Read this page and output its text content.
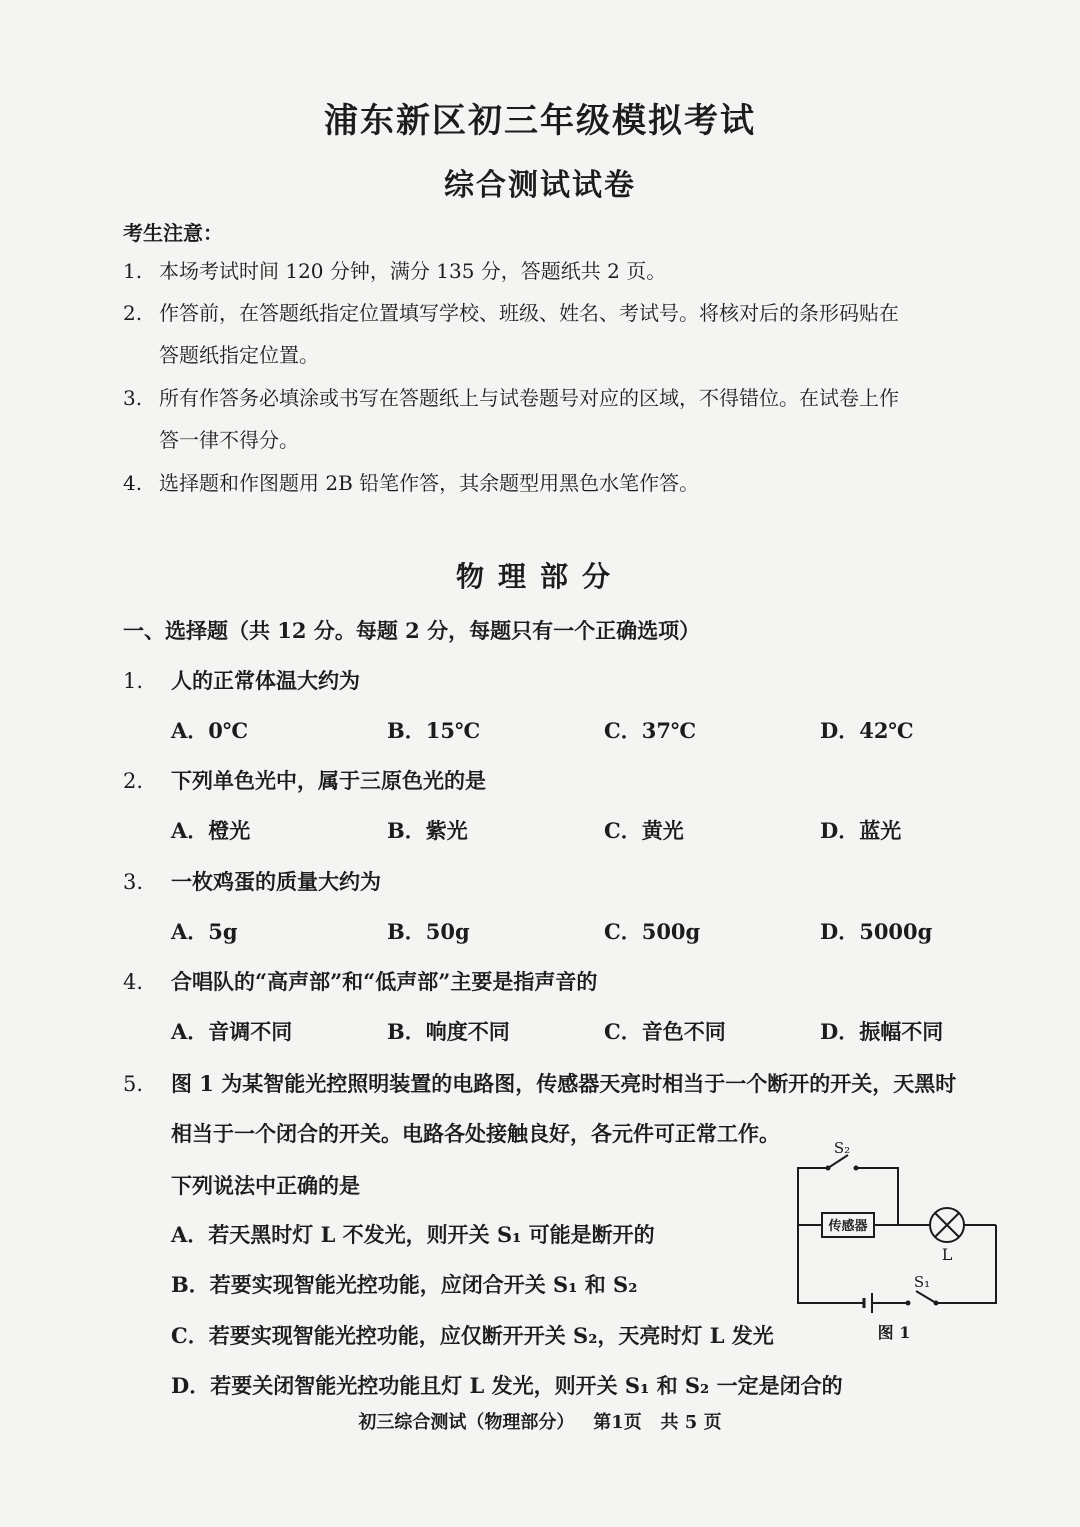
浦东新区初三年级模拟考试
综合测试试卷
考生注意：
1. 本场考试时间 120 分钟，满分 135 分，答题纸共 2 页。
2. 作答前，在答题纸指定位置填写学校、班级、姓名、考试号。将核对后的条形码贴在
答题纸指定位置。
3. 所有作答务必填涂或书写在答题纸上与试卷题号对应的区域，不得错位。在试卷上作
答一律不得分。
4. 选择题和作图题用 2B 铅笔作答，其余题型用黑色水笔作答。
物理部分
一、选择题（共 12 分。每题 2 分，每题只有一个正确选项）
1. 人的正常体温大约为
A．0℃	B．15℃	C．37℃	D．42℃
2. 下列单色光中，属于三原色光的是
A．橙光	B．紫光	C．黄光	D．蓝光
3. 一枚鸡蛋的质量大约为
A．5g	B．50g	C．500g	D．5000g
4. 合唱队的“高声部”和“低声部”主要是指声音的
A．音调不同	B．响度不同	C．音色不同	D．振幅不同
5. 图 1 为某智能光控照明装置的电路图，传感器天亮时相当于一个断开的开关，天黑时
相当于一个闭合的开关。电路各处接触良好，各元件可正常工作。
下列说法中正确的是
A．若天黑时灯 L 不发光，则开关 S₁ 可能是断开的
B．若要实现智能光控功能，应闭合开关 S₁ 和 S₂
C．若要实现智能光控功能，应仅断开开关 S₂，天亮时灯 L 发光
D．若要关闭智能光控功能且灯 L 发光，则开关 S₁ 和 S₂ 一定是闭合的
传感器
L
S₂
S₁
图 1
初三综合测试（物理部分）   第1页   共 5 页
